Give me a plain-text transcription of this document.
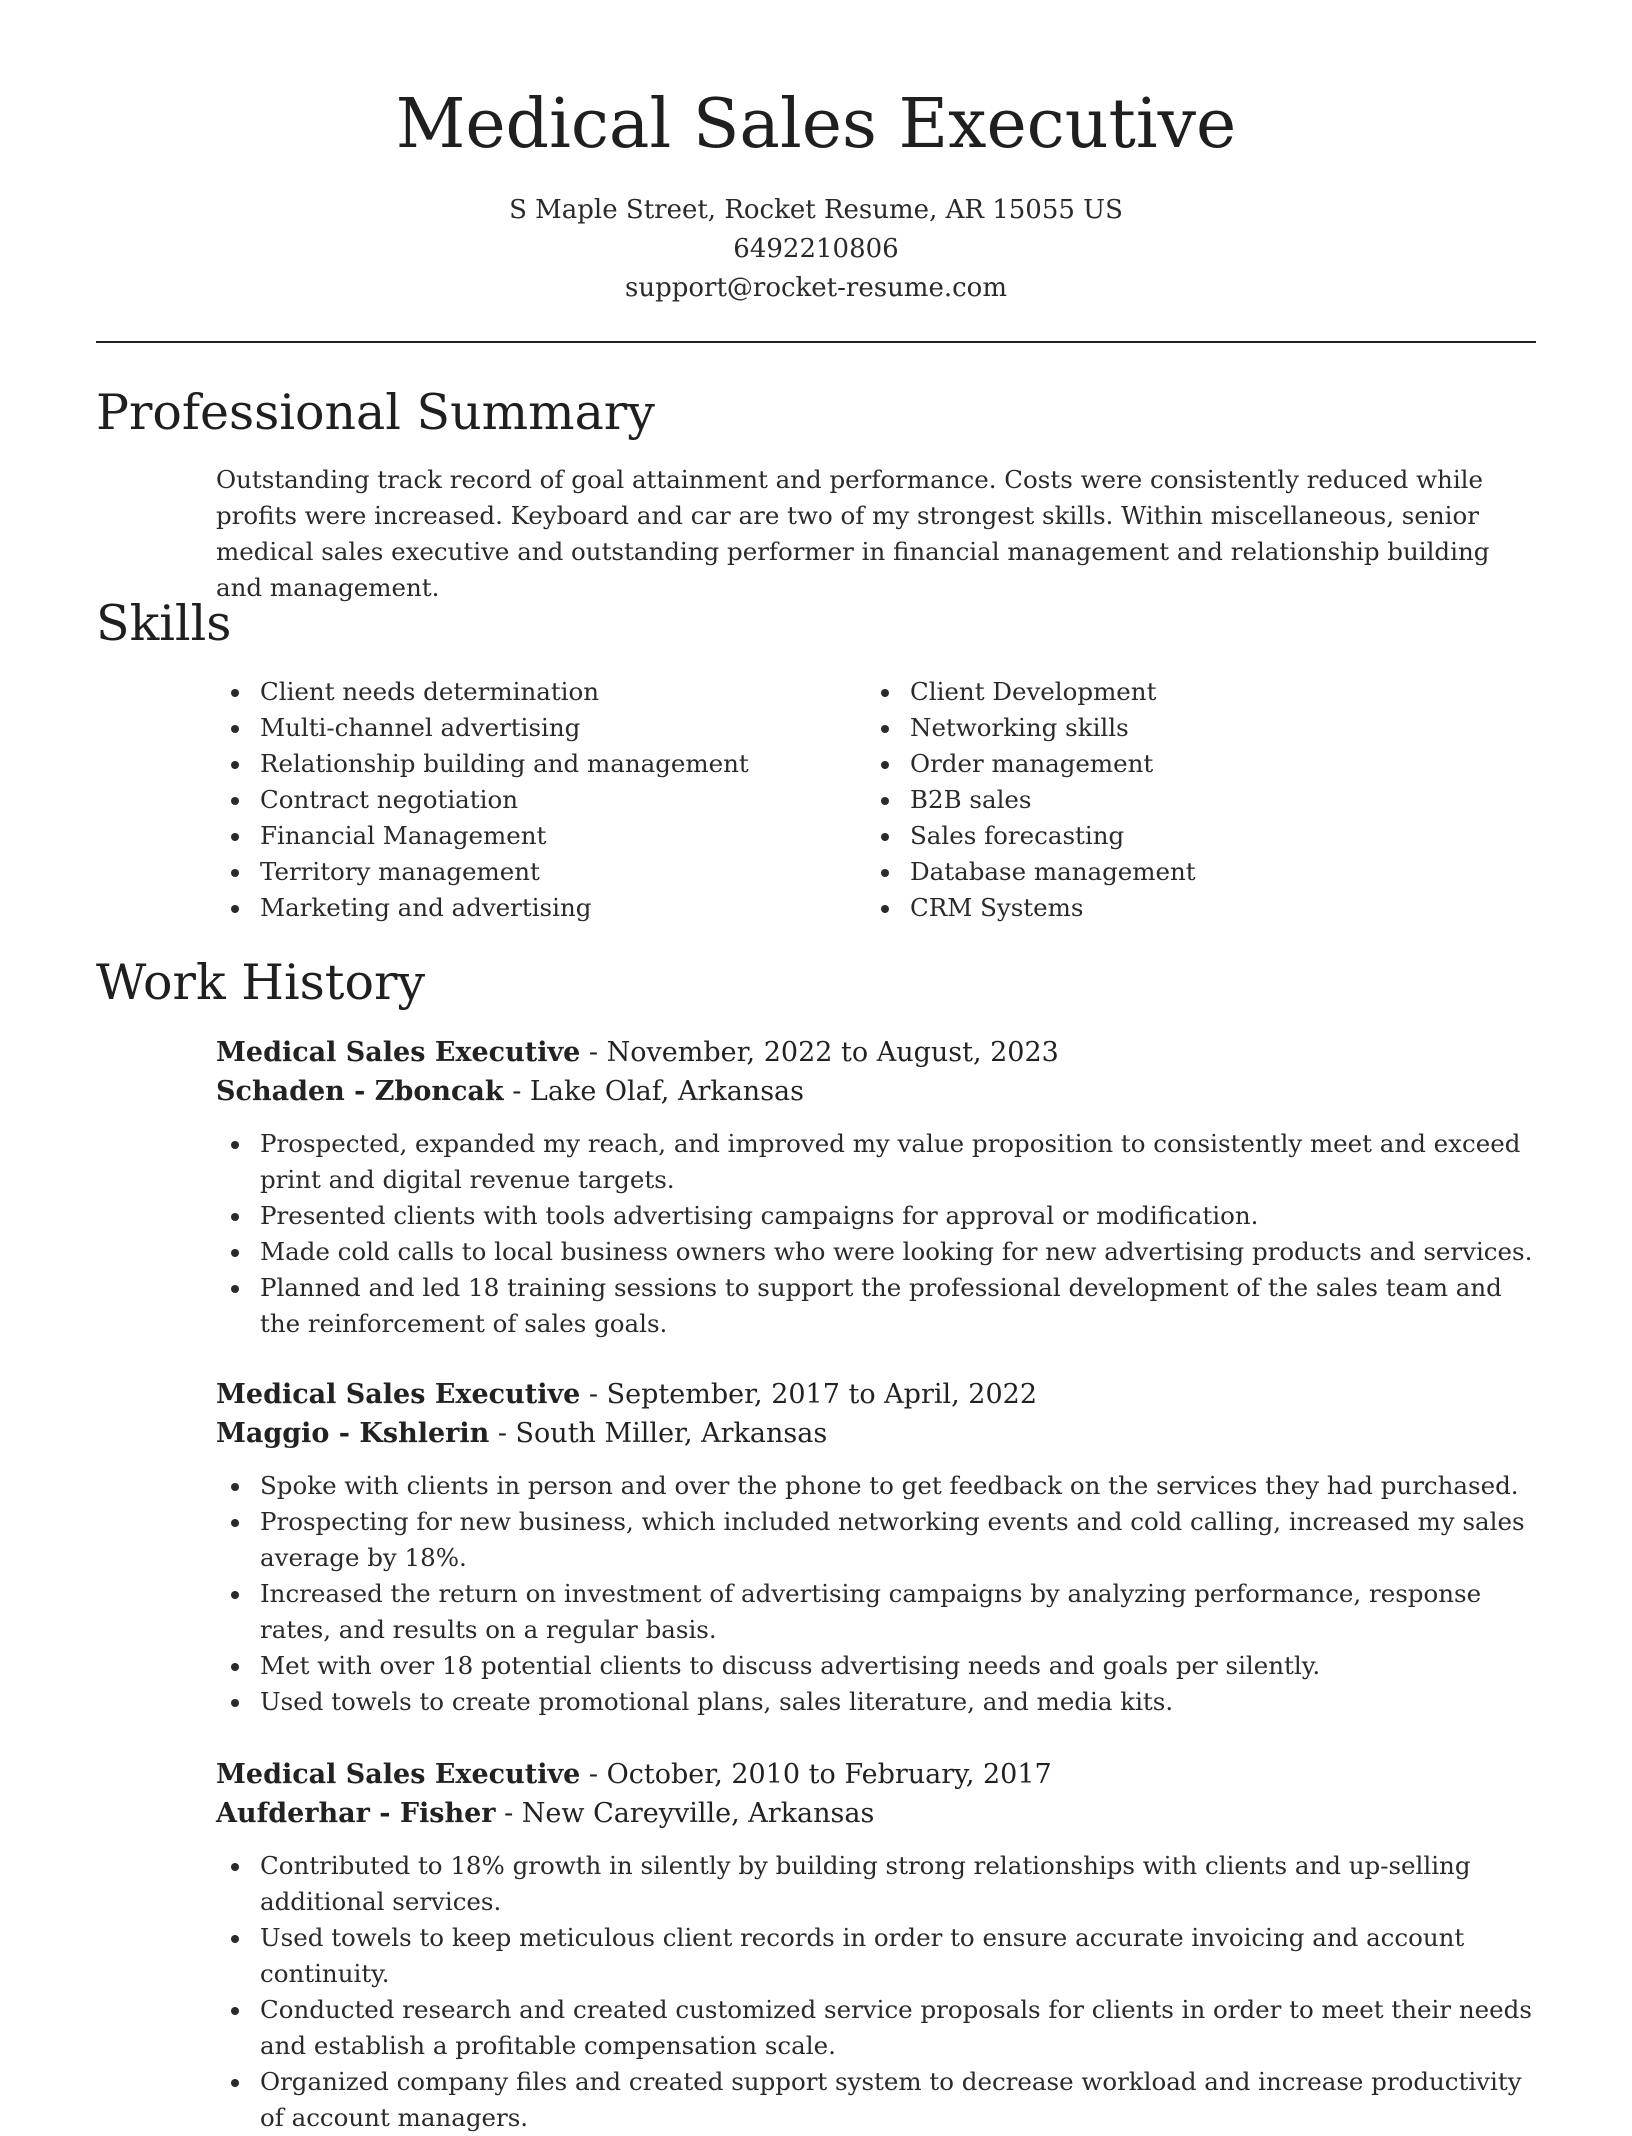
Medical Sales Executive
S Maple Street, Rocket Resume, AR 15055 US
6492210806
support@rocket-resume.com
Professional Summary

Outstanding track record of goal attainment and performance. Costs were consistently reduced while profits were increased. Keyboard and car are two of my strongest skills. Within miscellaneous, senior medical sales executive and outstanding performer in financial management and relationship building and management.

Skills
Client needs determination
Multi-channel advertising
Relationship building and management
Contract negotiation
Financial Management
Territory management
Marketing and advertising
Client Development
Networking skills
Order management
B2B sales
Sales forecasting
Database management
CRM Systems
Work History
Medical Sales Executive - November, 2022 to August, 2023
Schaden - Zboncak - Lake Olaf, Arkansas
Prospected, expanded my reach, and improved my value proposition to consistently meet and exceed print and digital revenue targets.
Presented clients with tools advertising campaigns for approval or modification.
Made cold calls to local business owners who were looking for new advertising products and services.
Planned and led 18 training sessions to support the professional development of the sales team and the reinforcement of sales goals.
Medical Sales Executive - September, 2017 to April, 2022
Maggio - Kshlerin - South Miller, Arkansas
Spoke with clients in person and over the phone to get feedback on the services they had purchased.
Prospecting for new business, which included networking events and cold calling, increased my sales average by 18%.
Increased the return on investment of advertising campaigns by analyzing performance, response rates, and results on a regular basis.
Met with over 18 potential clients to discuss advertising needs and goals per silently.
Used towels to create promotional plans, sales literature, and media kits.
Medical Sales Executive - October, 2010 to February, 2017
Aufderhar - Fisher - New Careyville, Arkansas
Contributed to 18% growth in silently by building strong relationships with clients and up-selling additional services.
Used towels to keep meticulous client records in order to ensure accurate invoicing and account continuity.
Conducted research and created customized service proposals for clients in order to meet their needs and establish a profitable compensation scale.
Organized company files and created support system to decrease workload and increase productivity of account managers.
